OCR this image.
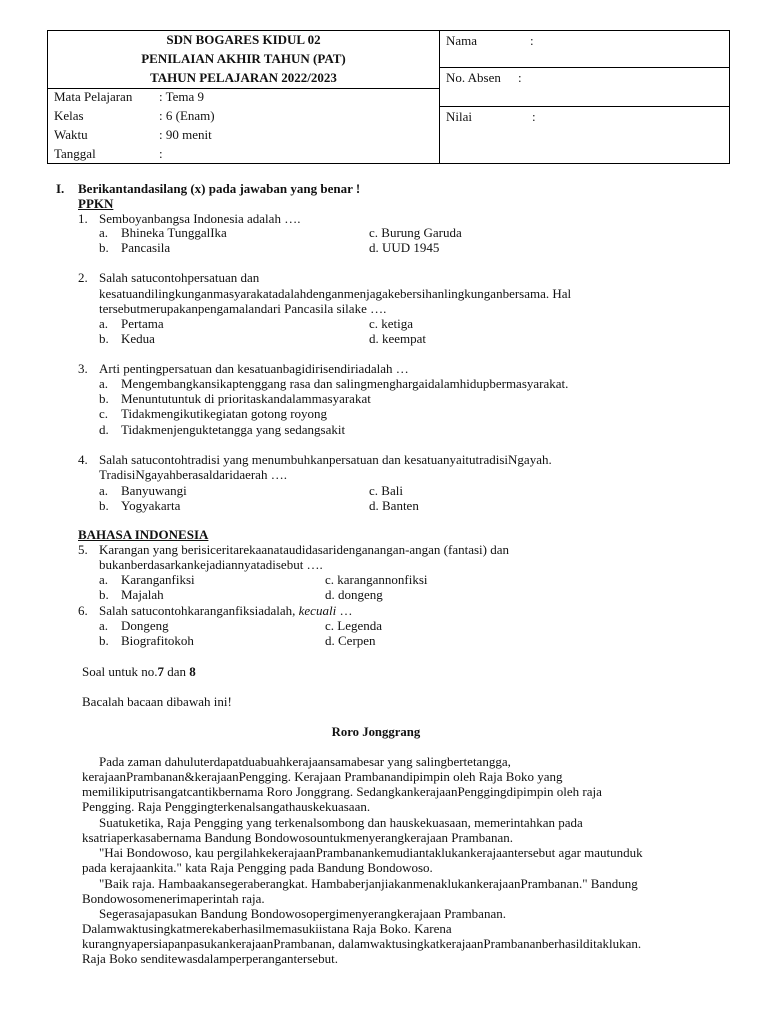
SDN BOGARES KIDUL 02
PENILAIAN AKHIR TAHUN (PAT)
TAHUN PELAJARAN 2022/2023
Mata Pelajaran : Tema 9
Kelas	: 6 (Enam)
Waktu	: 90 menit
Tanggal	:
Nama	:
No. Absen :
Nilai	:
I. Berikantandasilang (x) pada jawaban yang benar !
PPKN
1. Semboyanbangsa Indonesia adalah ….
a. Bhineka TunggalIka	c. Burung Garuda
b. Pancasila	d. UUD 1945
2. Salah satucontohpersatuan dan
kesatuandilingkunganmasyarakatadalahdenganmenjagakebersihanlingkunganbersama. Hal
tersebutmerupakanpengamalandari Pancasila silake ….
a. Pertama	c. ketiga
b. Kedua	d. keempat
3. Arti pentingpersatuan dan kesatuanbagidirisendiriadalah …
a. Mengembangkansikaptenggang rasa dan salingmenghargaidalamhidupbermasyarakat.
b. Menuntutuntuk di prioritaskandalammasyarakat
c. Tidakmengikutikegiatan gotong royong
d. Tidakmenjenguktetangga yang sedangsakit
4. Salah satucontohtradisi yang menumbuhkanpersatuan dan kesatuanyaitutradisiNgayah.
TradisiNgayahberasaldaridaerah ….
a. Banyuwangi	c. Bali
b. Yogyakarta	d. Banten
BAHASA INDONESIA
5. Karangan yang berisiceritarekaanataudidasaridenganangan-angan (fantasi) dan
bukanberdasarkankejadiannyatadisebut ….
a. Karanganfiksi	c. karangannonfiksi
b. Majalah	d. dongeng
6. Salah satucontohkaranganfiksiadalah, kecuali …
a. Dongeng	c. Legenda
b. Biografitokoh	d. Cerpen
Soal untuk no.7 dan 8
Bacalah bacaan dibawah ini!
Roro Jonggrang
Pada zaman dahuluterdapatduabuahkerajaansamabesar yang salingbertetangga,
kerajaanPrambanan&kerajaanPengging. Kerajaan Prambanandipimpin oleh Raja Boko yang
memilikiputrisangatcantikbernama Roro Jonggrang. SedangkankerajaanPenggingdipimpin oleh raja
Pengging. Raja Penggingterkenalsangathauskekuasaan.
Suatuketika, Raja Pengging yang terkenalsombong dan hauskekuasaan, memerintahkan pada
ksatriaperkasabernama Bandung Bondowosountukmenyerangkerajaan Prambanan.
"Hai Bondowoso, kau pergilahkekerajaanPrambanankemudiantaklukankerajaantersebut agar mautunduk
pada kerajaankita." kata Raja Pengging pada Bandung Bondowoso.
"Baik raja. Hambaakansegeraberangkat. HambaberjanjiakanmenaklukankerajaanPrambanan." Bandung
Bondowosomenerimaperintah raja.
Segerasajapasukan Bandung Bondowosopergimenyerangkerajaan Prambanan.
Dalamwaktusingkatmerekaberhasilmemasukiistana Raja Boko. Karena
kurangnyapersiapanpasukankerajaanPrambanan, dalamwaktusingkatkerajaanPrambananberhasilditaklukan.
Raja Boko senditewasdalamperperangantersebut.
